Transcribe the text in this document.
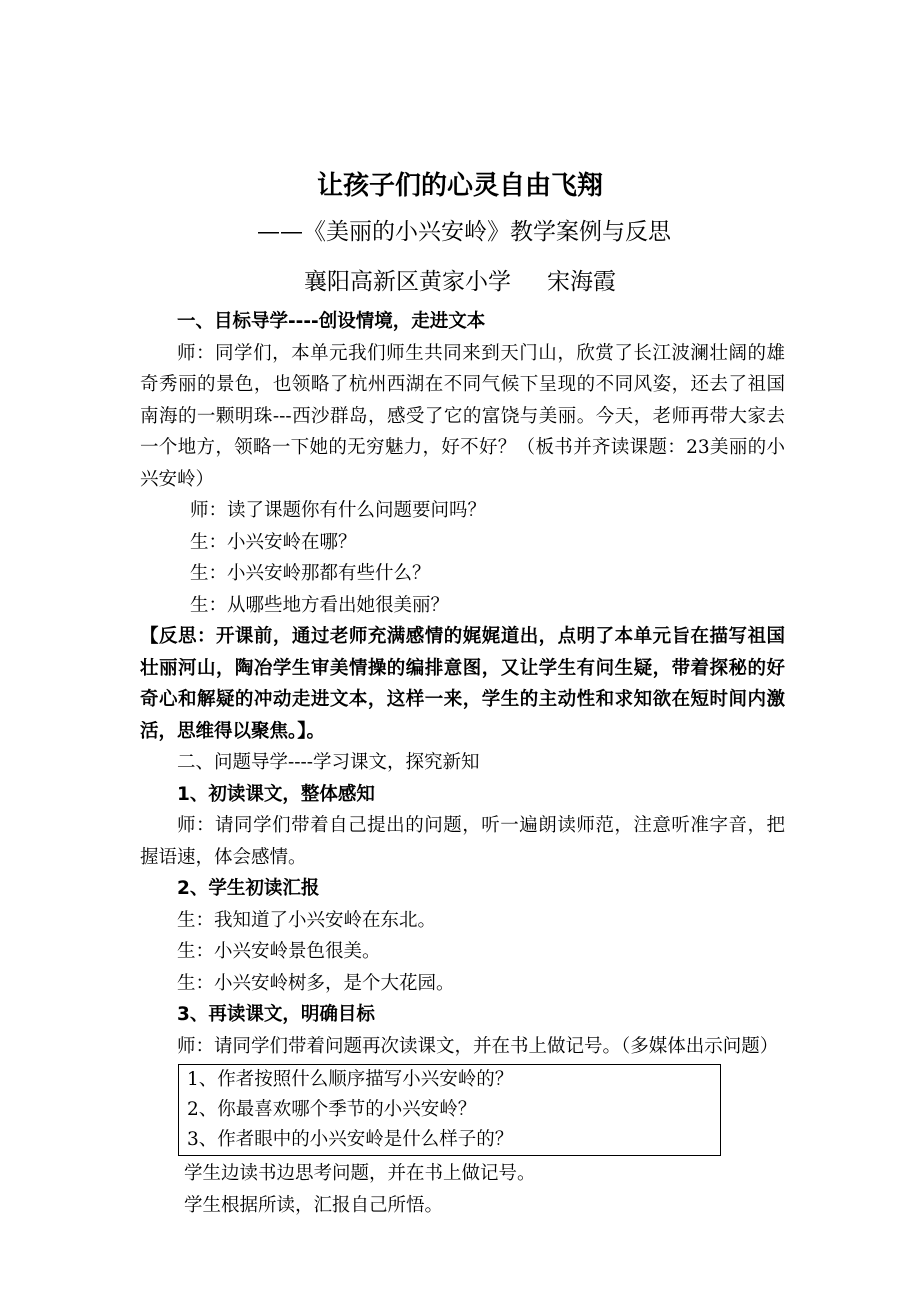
让孩子们的心灵自由飞翔
——《美丽的小兴安岭》教学案例与反思
襄阳高新区黄家小学 宋海霞

一、目标导学----创设情境，走进文本

师：同学们，本单元我们师生共同来到天门山，欣赏了长江波澜壮阔的雄奇秀丽的景色，也领略了杭州西湖在不同气候下呈现的不同风姿，还去了祖国南海的一颗明珠---西沙群岛，感受了它的富饶与美丽。今天，老师再带大家去一个地方，领略一下她的无穷魅力，好不好？（板书并齐读课题：23美丽的小兴安岭）

师：读了课题你有什么问题要问吗？

生：小兴安岭在哪？

生：小兴安岭那都有些什么？

生：从哪些地方看出她很美丽？

【反思：开课前，通过老师充满感情的娓娓道出，点明了本单元旨在描写祖国壮丽河山，陶冶学生审美情操的编排意图，又让学生有问生疑，带着探秘的好奇心和解疑的冲动走进文本，这样一来，学生的主动性和求知欲在短时间内激活，思维得以聚焦。】。

二、问题导学----学习课文，探究新知

1、初读课文，整体感知

师：请同学们带着自己提出的问题，听一遍朗读师范，注意听准字音，把握语速，体会感情。

2、学生初读汇报

生：我知道了小兴安岭在东北。

生：小兴安岭景色很美。

生：小兴安岭树多，是个大花园。

3、再读课文，明确目标

师：请同学们带着问题再次读课文，并在书上做记号。（多媒体出示问题）

1、作者按照什么顺序描写小兴安岭的？
2、你最喜欢哪个季节的小兴安岭？
3、作者眼中的小兴安岭是什么样子的？

学生边读书边思考问题，并在书上做记号。

学生根据所读，汇报自己所悟。
